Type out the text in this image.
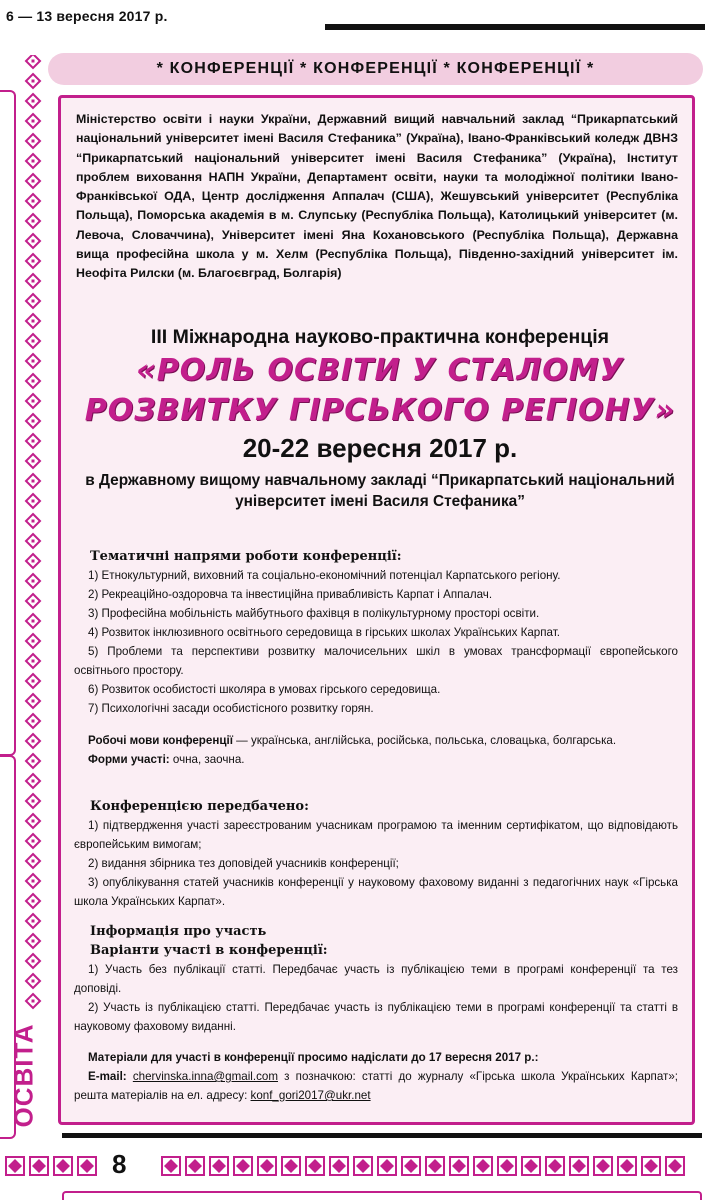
6 — 13 вересня 2017 р.
ОСВІТА
* КОНФЕРЕНЦІЇ * КОНФЕРЕНЦІЇ * КОНФЕРЕНЦІЇ *
Міністерство освіти і науки України, Державний вищий навчальний заклад “Прикарпатський національний університет імені Василя Стефаника” (Україна), Івано-Франківський коледж ДВНЗ “Прикарпатський національний університет імені Василя Стефаника” (Україна), Інститут проблем виховання НАПН України, Департамент освіти, науки та молодіжної політики Івано-Франківської ОДА, Центр дослідження Аппалач (США), Жешувський університет (Республіка Польща), Поморська академія в м. Слупську (Республіка Польща), Католицький університет (м. Левоча, Словаччина), Університет імені Яна Кохановського (Республіка Польща), Державна вища професійна школа у м. Хелм (Республіка Польща), Південно-західний університет ім. Неофіта Рилски (м. Благоєвград, Болгарія)
ІІІ Міжнародна науково-практична конференція
«РОЛЬ ОСВІТИ У СТАЛОМУ
РОЗВИТКУ ГІРСЬКОГО РЕГІОНУ»
20-22 вересня 2017 р.
в Державному вищому навчальному закладі “Прикарпатський національний університет імені Василя Стефаника”
Тематичні напрями роботи конференції:
1) Етнокультурний, виховний та соціально-економічний потенціал Карпатського регіону.
2) Рекреаційно-оздоровча та інвестиційна привабливість Карпат і Аппалач.
3) Професійна мобільність майбутнього фахівця в полікультурному просторі освіти.
4) Розвиток інклюзивного освітнього середовища в гірських школах Українських Карпат.
5) Проблеми та перспективи розвитку малочисельних шкіл в умовах трансформації європейського освітнього простору.
6) Розвиток особистості школяра в умовах гірського середовища.
7) Психологічні засади особистісного розвитку горян.
Робочі мови конференції — українська, англійська, російська, польська, словацька, болгарська.
Форми участі: очна, заочна.
Конференцією передбачено:
1) підтвердження участі зареєстрованим учасникам програмою та іменним сертифікатом, що відповідають європейським вимогам;
2) видання збірника тез доповідей учасників конференції;
3) опублікування статей учасників конференції у науковому фаховому виданні з педагогічних наук «Гірська школа Українських Карпат».
Інформація про участь
Варіанти участі в конференції:
1) Участь без публікації статті. Передбачає участь із публікацією теми в програмі конференції та тез доповіді.
2) Участь із публікацією статті. Передбачає участь із публікацією теми в програмі конференції та статті в науковому фаховому виданні.
Матеріали для участі в конференції просимо надіслати до 17 вересня 2017 р.:
E-mail: chervinska.inna@gmail.com з позначкою: статті до журналу «Гірська школа Українських Карпат»; решта матеріалів на ел. адресу: konf_gori2017@ukr.net
8
